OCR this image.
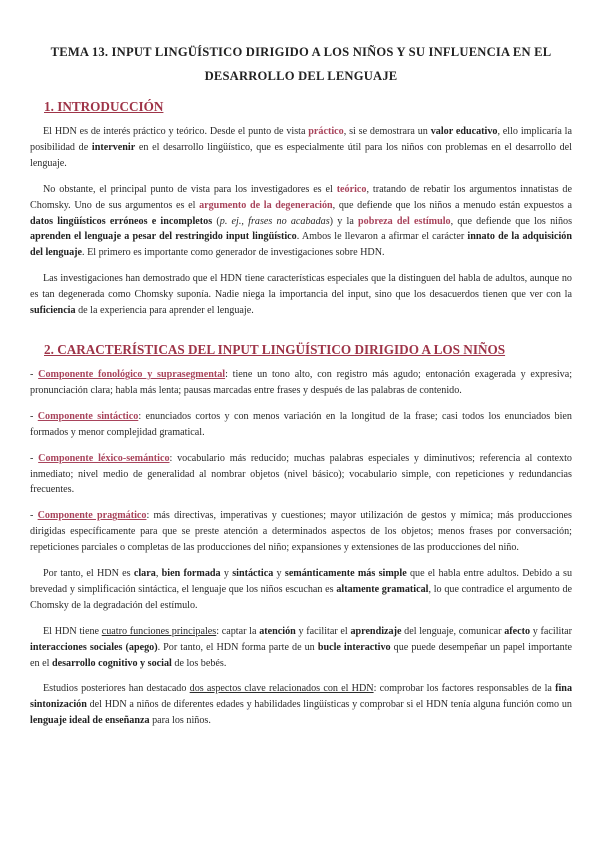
TEMA 13. INPUT LINGÜÍSTICO DIRIGIDO A LOS NIÑOS Y SU INFLUENCIA EN EL
DESARROLLO DEL LENGUAJE
1. INTRODUCCIÓN

El HDN es de interés práctico y teórico. Desde el punto de vista práctico, si se demostrara un valor educativo, ello implicaría la posibilidad de intervenir en el desarrollo lingüístico, que es especialmente útil para los niños con problemas en el desarrollo del lenguaje.

No obstante, el principal punto de vista para los investigadores es el teórico, tratando de rebatir los argumentos innatistas de Chomsky. Uno de sus argumentos es el argumento de la degeneración, que defiende que los niños a menudo están expuestos a datos lingüísticos erróneos e incompletos (p. ej., frases no acabadas) y la pobreza del estímulo, que defiende que los niños aprenden el lenguaje a pesar del restringido input lingüístico. Ambos le llevaron a afirmar el carácter innato de la adquisición del lenguaje. El primero es importante como generador de investigaciones sobre HDN.

Las investigaciones han demostrado que el HDN tiene características especiales que la distinguen del habla de adultos, aunque no es tan degenerada como Chomsky suponía. Nadie niega la importancia del input, sino que los desacuerdos tienen que ver con la suficiencia de la experiencia para aprender el lenguaje.

2. CARACTERÍSTICAS DEL INPUT LINGÜÍSTICO DIRIGIDO A LOS NIÑOS

- Componente fonológico y suprasegmental: tiene un tono alto, con registro más agudo; entonación exagerada y expresiva; pronunciación clara; habla más lenta; pausas marcadas entre frases y después de las palabras de contenido.

- Componente sintáctico: enunciados cortos y con menos variación en la longitud de la frase; casi todos los enunciados bien formados y menor complejidad gramatical.

- Componente léxico-semántico: vocabulario más reducido; muchas palabras especiales y diminutivos; referencia al contexto inmediato; nivel medio de generalidad al nombrar objetos (nivel básico); vocabulario simple, con repeticiones y redundancias frecuentes.

- Componente pragmático: más directivas, imperativas y cuestiones; mayor utilización de gestos y mímica; más producciones dirigidas específicamente para que se preste atención a determinados aspectos de los objetos; menos frases por conversación; repeticiones parciales o completas de las producciones del niño; expansiones y extensiones de las producciones del niño.

Por tanto, el HDN es clara, bien formada y sintáctica y semánticamente más simple que el habla entre adultos. Debido a su brevedad y simplificación sintáctica, el lenguaje que los niños escuchan es altamente gramatical, lo que contradice el argumento de Chomsky de la degradación del estímulo.

El HDN tiene cuatro funciones principales: captar la atención y facilitar el aprendizaje del lenguaje, comunicar afecto y facilitar interacciones sociales (apego). Por tanto, el HDN forma parte de un bucle interactivo que puede desempeñar un papel importante en el desarrollo cognitivo y social de los bebés.

Estudios posteriores han destacado dos aspectos clave relacionados con el HDN: comprobar los factores responsables de la fina sintonización del HDN a niños de diferentes edades y habilidades lingüísticas y comprobar si el HDN tenía alguna función como un lenguaje ideal de enseñanza para los niños.
